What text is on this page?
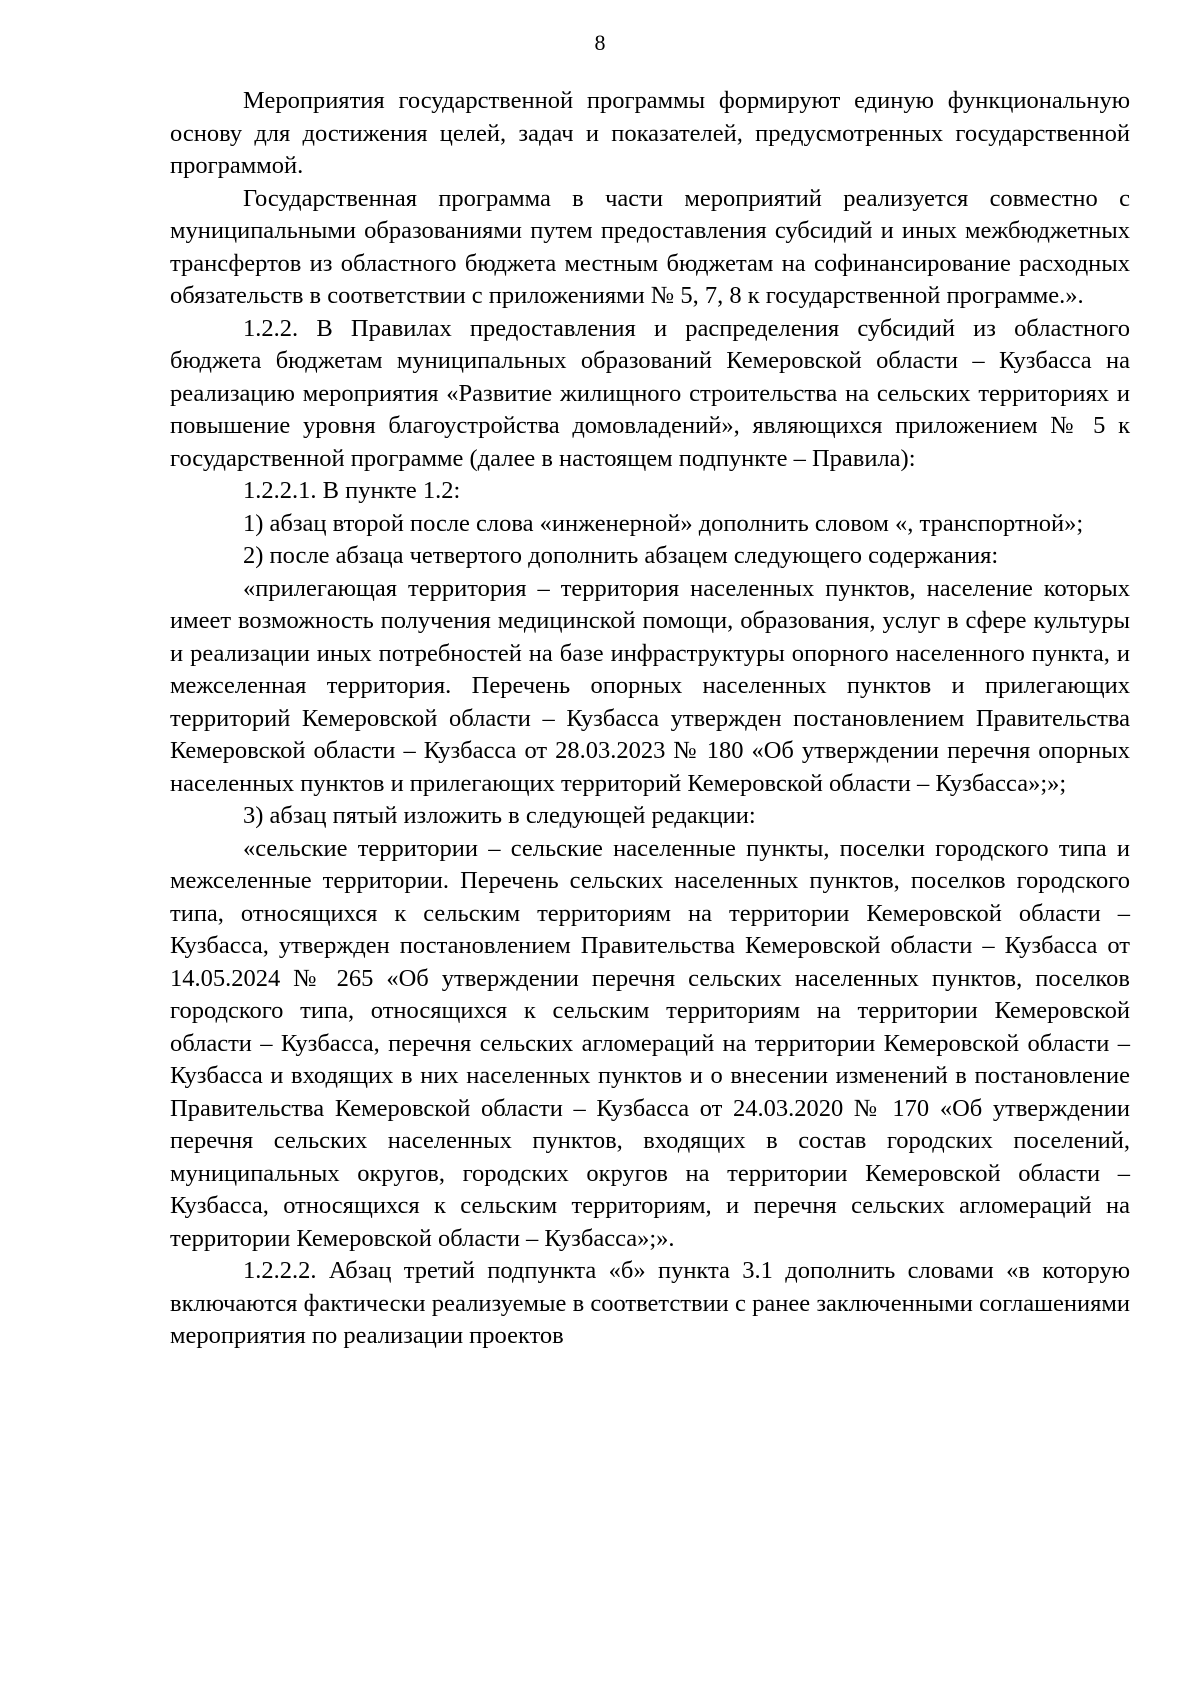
8

Мероприятия государственной программы формируют единую функциональную основу для достижения целей, задач и показателей, предусмотренных государственной программой.

Государственная программа в части мероприятий реализуется совместно с муниципальными образованиями путем предоставления субсидий и иных межбюджетных трансфертов из областного бюджета местным бюджетам на софинансирование расходных обязательств в соответствии с приложениями № 5, 7, 8 к государственной программе.».

1.2.2. В Правилах предоставления и распределения субсидий из областного бюджета бюджетам муниципальных образований Кемеровской области – Кузбасса на реализацию мероприятия «Развитие жилищного строительства на сельских территориях и повышение уровня благоустройства домовладений», являющихся приложением № 5 к государственной программе (далее в настоящем подпункте – Правила):

1.2.2.1. В пункте 1.2:

1) абзац второй после слова «инженерной» дополнить словом «, транспортной»;

2) после абзаца четвертого дополнить абзацем следующего содержания:

«прилегающая территория – территория населенных пунктов, население которых имеет возможность получения медицинской помощи, образования, услуг в сфере культуры и реализации иных потребностей на базе инфраструктуры опорного населенного пункта, и межселенная территория. Перечень опорных населенных пунктов и прилегающих территорий Кемеровской области – Кузбасса утвержден постановлением Правительства Кемеровской области – Кузбасса от 28.03.2023 № 180 «Об утверждении перечня опорных населенных пунктов и прилегающих территорий Кемеровской области – Кузбасса»;»;

3) абзац пятый изложить в следующей редакции:

«сельские территории – сельские населенные пункты, поселки городского типа и межселенные территории. Перечень сельских населенных пунктов, поселков городского типа, относящихся к сельским территориям на территории Кемеровской области – Кузбасса, утвержден постановлением Правительства Кемеровской области – Кузбасса от 14.05.2024 № 265 «Об утверждении перечня сельских населенных пунктов, поселков городского типа, относящихся к сельским территориям на территории Кемеровской области – Кузбасса, перечня сельских агломераций на территории Кемеровской области – Кузбасса и входящих в них населенных пунктов и о внесении изменений в постановление Правительства Кемеровской области – Кузбасса от 24.03.2020 № 170 «Об утверждении перечня сельских населенных пунктов, входящих в состав городских поселений, муниципальных округов, городских округов на территории Кемеровской области – Кузбасса, относящихся к сельским территориям, и перечня сельских агломераций на территории Кемеровской области – Кузбасса»;».

1.2.2.2. Абзац третий подпункта «б» пункта 3.1 дополнить словами «в которую включаются фактически реализуемые в соответствии с ранее заключенными соглашениями мероприятия по реализации проектов
